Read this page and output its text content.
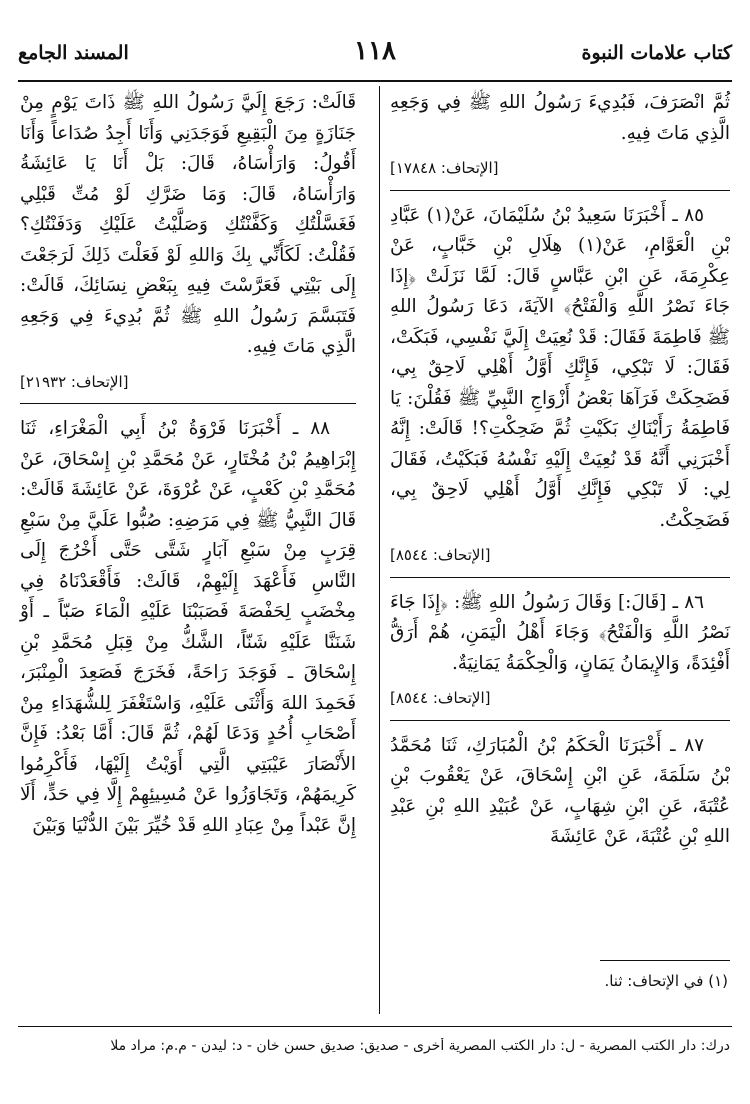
كتاب علامات النبوة
١١٨
المسند الجامع

ثُمَّ انْصَرَفَ، فَبُدِيءَ رَسُولُ اللهِ ﷺ فِي وَجَعِهِ الَّذِي مَاتَ فِيهِ.

[الإتحاف: ١٧٨٤٨]

٨٥ ـ أَخْبَرَنَا سَعِيدُ بْنُ سُلَيْمَانَ، عَنْ(١) عَبَّادِ بْنِ الْعَوَّامِ، عَنْ(١) هِلَالِ بْنِ خَبَّابٍ، عَنْ عِكْرِمَةَ، عَنِ ابْنِ عَبَّاسٍ قَالَ: لَمَّا نَزَلَتْ ﴿إِذَا جَاءَ نَصْرُ اللَّهِ وَالْفَتْحُ﴾ الآيَةَ، دَعَا رَسُولُ اللهِ ﷺ فَاطِمَةَ فَقَالَ: قَدْ نُعِيَتْ إِلَيَّ نَفْسِي، فَبَكَتْ، فَقَالَ: لَا تَبْكِي، فَإِنَّكِ أَوَّلُ أَهْلِي لَاحِقٌ بِي، فَضَحِكَتْ فَرَآهَا بَعْضُ أَزْوَاجِ النَّبِيِّ ﷺ فَقُلْنَ: يَا فَاطِمَةُ رَأَيْنَاكِ بَكَيْتِ ثُمَّ ضَحِكْتِ؟! قَالَتْ: إِنَّهُ أَخْبَرَنِي أَنَّهُ قَدْ نُعِيَتْ إِلَيْهِ نَفْسُهُ فَبَكَيْتُ، فَقَالَ لِي: لَا تَبْكِي فَإِنَّكِ أَوَّلُ أَهْلِي لَاحِقٌ بِي، فَضَحِكْتُ.

[الإتحاف: ٨٥٤٤]

٨٦ ـ [قَالَ:] وَقَالَ رَسُولُ اللهِ ﷺ: ﴿إِذَا جَاءَ نَصْرُ اللَّهِ وَالْفَتْحُ﴾ وَجَاءَ أَهْلُ الْيَمَنِ، هُمْ أَرَقُّ أَفْئِدَةً، وَالإِيمَانُ يَمَانٍ، وَالْحِكْمَةُ يَمَانِيَةٌ.

[الإتحاف: ٨٥٤٤]

٨٧ ـ أَخْبَرَنَا الْحَكَمُ بْنُ الْمُبَارَكِ، ثَنَا مُحَمَّدُ بْنُ سَلَمَةَ، عَنِ ابْنِ إِسْحَاقَ، عَنْ يَعْقُوبَ بْنِ عُتْبَةَ، عَنِ ابْنِ شِهَابٍ، عَنْ عُبَيْدِ اللهِ بْنِ عَبْدِ اللهِ بْنِ عُتْبَةَ، عَنْ عَائِشَةَ

قَالَتْ: رَجَعَ إِلَيَّ رَسُولُ اللهِ ﷺ ذَاتَ يَوْمٍ مِنْ جَنَازَةٍ مِنَ الْبَقِيعِ فَوَجَدَنِي وَأَنَا أَجِدُ صُدَاعاً وَأَنَا أَقُولُ: وَارَأْسَاهُ، قَالَ: بَلْ أَنَا يَا عَائِشَةُ وَارَأْسَاهُ، قَالَ: وَمَا ضَرَّكِ لَوْ مُتِّ قَبْلِي فَغَسَّلْتُكِ وَكَفَّنْتُكِ وَصَلَّيْتُ عَلَيْكِ وَدَفَنْتُكِ؟ فَقُلْتُ: لَكَأَنِّي بِكَ وَاللهِ لَوْ فَعَلْتَ ذَلِكَ لَرَجَعْتَ إِلَى بَيْتِي فَعَرَّسْتَ فِيهِ بِبَعْضِ نِسَائِكَ، قَالَتْ: فَتَبَسَّمَ رَسُولُ اللهِ ﷺ ثُمَّ بُدِيءَ فِي وَجَعِهِ الَّذِي مَاتَ فِيهِ.

[الإتحاف: ٢١٩٣٢]

٨٨ ـ أَخْبَرَنَا فَرْوَةُ بْنُ أَبِي الْمَغْرَاءِ، ثَنَا إِبْرَاهِيمُ بْنُ مُخْتَارٍ، عَنْ مُحَمَّدِ بْنِ إِسْحَاقَ، عَنْ مُحَمَّدِ بْنِ كَعْبٍ، عَنْ عُرْوَةَ، عَنْ عَائِشَةَ قَالَتْ: قَالَ النَّبِيُّ ﷺ فِي مَرَضِهِ: صُبُّوا عَلَيَّ مِنْ سَبْعِ قِرَبٍ مِنْ سَبْعِ آبَارٍ شَتَّى حَتَّى أَخْرُجَ إِلَى النَّاسِ فَأَعْهَدَ إِلَيْهِمْ، قَالَتْ: فَأَقْعَدْنَاهُ فِي مِخْضَبٍ لِحَفْصَةَ فَصَبَبْنَا عَلَيْهِ الْمَاءَ صَبّاً ـ أَوْ شَنَنَّا عَلَيْهِ شَنّاً، الشَّكُّ مِنْ قِبَلِ مُحَمَّدِ بْنِ إِسْحَاقَ ـ فَوَجَدَ رَاحَةً، فَخَرَجَ فَصَعِدَ الْمِنْبَرَ، فَحَمِدَ اللهَ وَأَثْنَى عَلَيْهِ، وَاسْتَغْفَرَ لِلشُّهَدَاءِ مِنْ أَصْحَابِ أُحُدٍ وَدَعَا لَهُمْ، ثُمَّ قَالَ: أَمَّا بَعْدُ: فَإِنَّ الأَنْصَارَ عَيْبَتِي الَّتِي أَوَيْتُ إِلَيْهَا، فَأَكْرِمُوا كَرِيمَهُمْ، وَتَجَاوَزُوا عَنْ مُسِيئِهِمْ إِلَّا فِي حَدٍّ، أَلَا إِنَّ عَبْداً مِنْ عِبَادِ اللهِ قَدْ خُيِّرَ بَيْنَ الدُّنْيَا وَبَيْنَ

(١) في الإتحاف: ثنا.
درك: دار الكتب المصرية - ل: دار الكتب المصرية أخرى - صديق: صديق حسن خان - د: ليدن - م.م: مراد ملا
